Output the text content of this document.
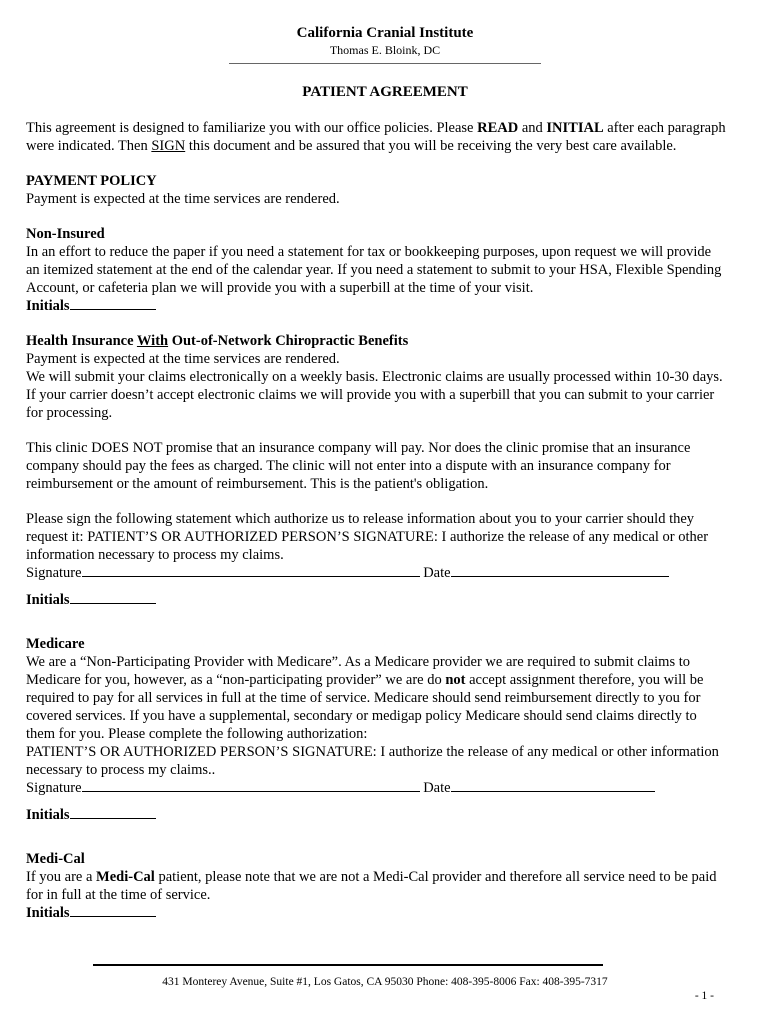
California Cranial Institute
Thomas E. Bloink, DC
PATIENT AGREEMENT

This agreement is designed to familiarize you with our office policies. Please READ and INITIAL after each paragraph were indicated. Then SIGN this document and be assured that you will be receiving the very best care available.

PAYMENT POLICY

Payment is expected at the time services are rendered.

Non-Insured

In an effort to reduce the paper if you need a statement for tax or bookkeeping purposes, upon request we will provide an itemized statement at the end of the calendar year. If you need a statement to submit to your HSA, Flexible Spending Account, or cafeteria plan we will provide you with a superbill at the time of your visit.

Initials

Health Insurance With Out-of-Network Chiropractic Benefits

Payment is expected at the time services are rendered.

We will submit your claims electronically on a weekly basis. Electronic claims are usually processed within 10-30 days. If your carrier doesn’t accept electronic claims we will provide you with a superbill that you can submit to your carrier for processing.

This clinic DOES NOT promise that an insurance company will pay. Nor does the clinic promise that an insurance company should pay the fees as charged. The clinic will not enter into a dispute with an insurance company for reimbursement or the amount of reimbursement. This is the patient's obligation.

Please sign the following statement which authorize us to release information about you to your carrier should they request it: PATIENT’S OR AUTHORIZED PERSON’S SIGNATURE: I authorize the release of any medical or other information necessary to process my claims.

Signature	Date

Initials

Medicare

We are a “Non-Participating Provider with Medicare”. As a Medicare provider we are required to submit claims to Medicare for you, however, as a “non-participating provider” we are do not accept assignment therefore, you will be required to pay for all services in full at the time of service. Medicare should send reimbursement directly to you for covered services. If you have a supplemental, secondary or medigap policy Medicare should send claims directly to them for you. Please complete the following authorization:

PATIENT’S OR AUTHORIZED PERSON’S SIGNATURE: I authorize the release of any medical or other information necessary to process my claims..

Signature	Date

Initials

Medi-Cal

If you are a Medi-Cal patient, please note that we are not a Medi-Cal provider and therefore all service need to be paid for in full at the time of service.

Initials

431 Monterey Avenue, Suite #1, Los Gatos, CA 95030 Phone: 408-395-8006 Fax: 408-395-7317
- 1 -
